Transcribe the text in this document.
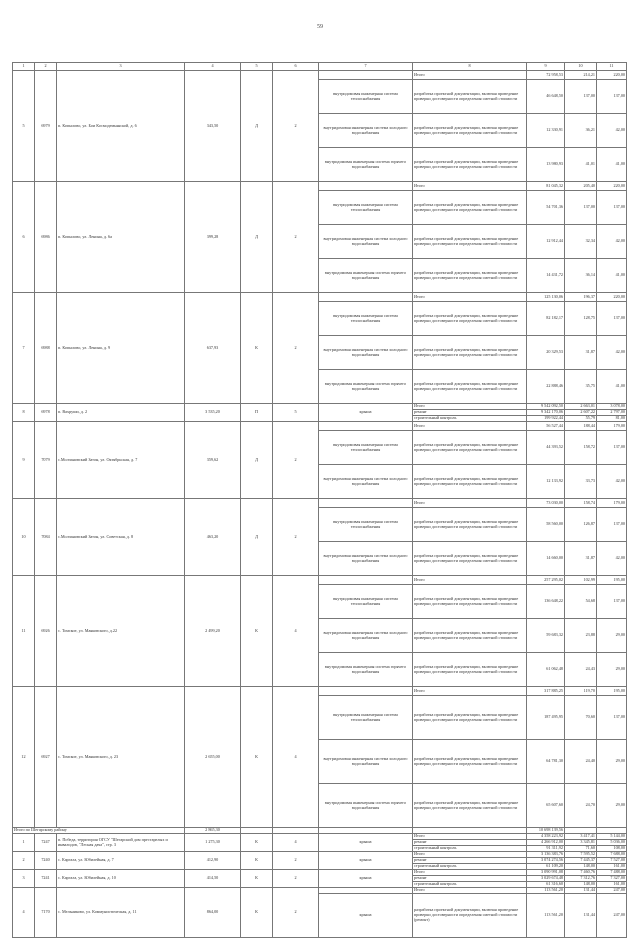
59
1	2	3	4	5	6	7	8	9	10	11
5	6979	п. Копылово, ул. Бои Космодемьянской, д. 6	343,50	Д	2		Итого	72 958,53	214,21	220,00
						внутридомовая инженерная система теплоснабжения	разработка проектной документации, включая проведение проверки достоверности определения сметной стоимости	46 648,50	137,00	137,00
						внутридомовая инженерная система холодного водоснабжения	разработка проектной документации, включая проведение проверки достоверности определения сметной стоимости	12 330,91	36,21	42,00
						внутридомовая инженерная система горячего водоснабжения	разработка проектной документации, включая проведение проверки достоверности определения сметной стоимости	13 980,93	41,01	41,00
6	6986	п. Копылово, ул. Ленина, д. 6а	399,28	Д	2		Итого	81 045,32	205,40	220,00
						внутридомовая инженерная система теплоснабжения	разработка проектной документации, включая проведение проверки достоверности определения сметной стоимости	54 701,36	137,00	137,00
						внутридомовая инженерная система холодного водоснабжения	разработка проектной документации, включая проведение проверки достоверности определения сметной стоимости	12 912,44	32,34	42,00
						внутридомовая инженерная система горячего водоснабжения	разработка проектной документации, включая проведение проверки достоверности определения сметной стоимости	14 431,72	36,14	41,00
7	6988	п. Копылово, ул. Ленина, д. 9	637,93	К	2		Итого	125 130,06	196,37	220,00
						внутридомовая инженерная система теплоснабжения	разработка проектной документации, включая проведение проверки достоверности определения сметной стоимости	82 182,17	128,75	137,00
						внутридомовая инженерная система холодного водоснабжения	разработка проектной документации, включая проведение проверки достоверности определения сметной стоимости	20 329,53	31,87	42,00
						внутридомовая инженерная система горячего водоснабжения	разработка проектной документации, включая проведение проверки достоверности определения сметной стоимости	22 888,46	35,75	41,00
8	6978	п. Вахруши, д. 2	3 535,20	П	5	крыша	Итого	9 542 092,50	2 663,01	3 078,00
							ремонт	9 342 170,06	2 607,22	2 797,00
							строительный контроль	199 922,44	55,79	81,00
9	7079	с.Молчановский Затон, ул. Октябрьская, д. 7	359,62	Д	2		Итого	56 527,44	188,44	179,00
						внутридомовая инженерная система теплоснабжения	разработка проектной документации, включая проведение проверки достоверности определения сметной стоимости	44 393,52	158,72	137,00
						внутридомовая инженерная система холодного водоснабжения	разработка проектной документации, включая проведение проверки достоверности определения сметной стоимости	12 133,92	33,73	42,00
10	7084	с.Молчановский Затон, ул. Советская, д. 8	463,20	Д	2		Итого	73 030,00	158,74	179,00
						внутридомовая инженерная система теплоснабжения	разработка проектной документации, включая проведение проверки достоверности определения сметной стоимости	58 560,00	126,87	137,00
						внутридомовая инженерная система холодного водоснабжения	разработка проектной документации, включая проведение проверки достоверности определения сметной стоимости	14 660,00	31,87	42,00
11	6926	с. Томское, ул. Маяковского, д.22	2 499,20	К	4		Итого	257 295,02	102,99	195,00
						внутридомовая инженерная система теплоснабжения	разработка проектной документации, включая проведение проверки достоверности определения сметной стоимости	136 648,22	54,68	137,00
						внутридомовая инженерная система холодного водоснабжения	разработка проектной документации, включая проведение проверки достоверности определения сметной стоимости	59 683,32	23,88	29,00
						внутридомовая инженерная система горячего водоснабжения	разработка проектной документации, включая проведение проверки достоверности определения сметной стоимости	61 062,48	24,43	29,00
12	6927	с. Томское, ул. Маяковского, д. 23	2 655,00	К	4		Итого	317 885,25	119,70	195,00
						внутридомовая инженерная система теплоснабжения	разработка проектной документации, включая проведение проверки достоверности определения сметной стоимости	187 495,95	70,60	137,00
						внутридомовая инженерная система холодного водоснабжения	разработка проектной документации, включая проведение проверки достоверности определения сметной стоимости	64 781,30	24,40	29,00
						внутридомовая инженерная система горячего водоснабжения	разработка проектной документации, включая проведение проверки достоверности определения сметной стоимости	65 607,60	24,70	29,00
Итого по Шегарскому району			2 865,30					10 698 139,56		
1	7247	п. Победа, территория ОГСУ "Шегарский дом престарелых и инвалидов, "Лесная дача", стр. 3	1 275,30	К	4	крыша	Итого	4 358 223,92	3 417,41	5 144,00
							ремонт	4 266 912,00	3 345,81	5 036,00
							строительный контроль	91 311,92	71,60	108,00
2	7240	с. Каргала, ул. Юбилейная, д. 7	412,90	К	2	крыша	Итого	3 136 383,76	7 595,52	7 688,00
							ремонт	3 074 274,56	7 445,37	7 527,00
							строительный контроль	61 109,20	148,00	161,00
3	7241	с. Каргала, ул. Юбилейная, д. 10	414,50	К	2	крыша	Итого	3 090 991,08	7 460,76	7 488,00
							ремонт	3 029 674,48	7 312,76	7 327,00
							строительный контроль	61 316,60	148,00	161,00
4	7170	с. Мельниково, ул. Коммунистическая, д. 11	864,00	К	2		Итого	113 561,20	131,44	247,00
						крыша	разработка проектной документации, включая проведение проверки достоверности определения сметной стоимости (ремонт)	113 561,20	131,44	247,00
